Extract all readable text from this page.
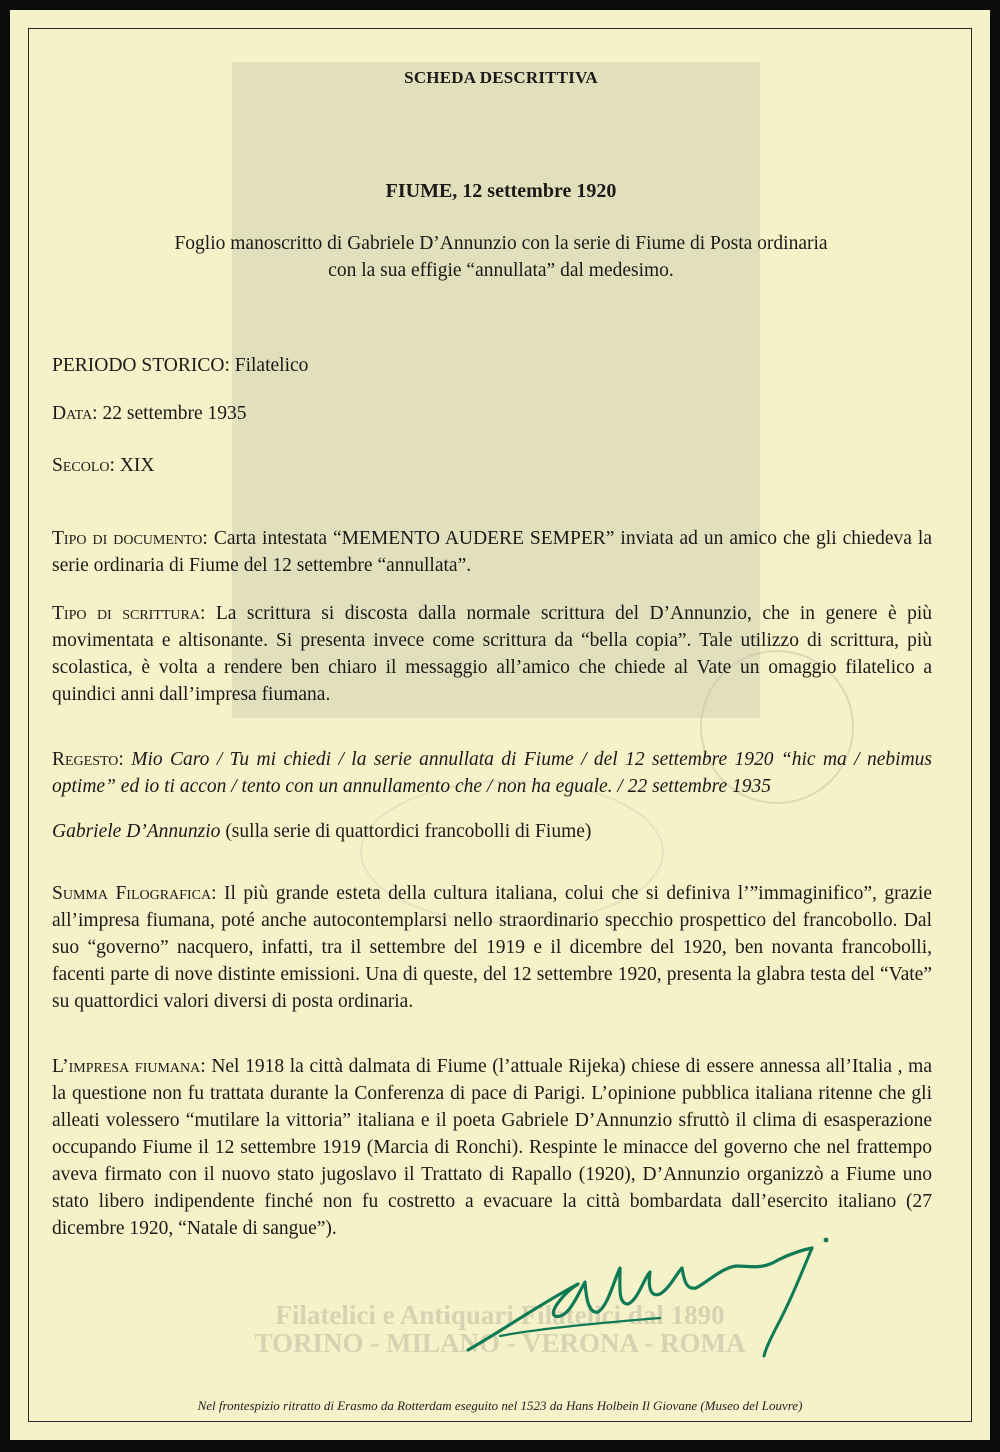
Filatelici e Antiquari Filatelici dal 1890
TORINO - MILANO - VERONA - ROMA
SCHEDA DESCRITTIVA
FIUME, 12 settembre 1920
Foglio manoscritto di Gabriele D’Annunzio con la serie di Fiume di Posta ordinaria
con la sua effigie “annullata” dal medesimo.
PERIODO STORICO: Filatelico
Data: 22 settembre 1935
Secolo: XIX
Tipo di documento: Carta intestata “MEMENTO AUDERE SEMPER” inviata ad un amico che gli chiedeva la serie ordinaria di Fiume del 12 settembre “annullata”.
Tipo di scrittura: La scrittura si discosta dalla normale scrittura del D’Annunzio, che in genere è più movimentata e altisonante. Si presenta invece come scrittura da “bella copia”. Tale utilizzo di scrittura, più scolastica, è volta a rendere ben chiaro il messaggio all’amico che chiede al Vate un omaggio filatelico a quindici anni dall’impresa fiumana.
Regesto: Mio Caro / Tu mi chiedi / la serie annullata di Fiume / del 12 settembre 1920 “hic ma / nebimus optime” ed io ti accon / tento con un annullamento che / non ha eguale. / 22 settembre 1935
Gabriele D’Annunzio (sulla serie di quattordici francobolli di Fiume)
Summa Filografica: Il più grande esteta della cultura italiana, colui che si definiva l’”immaginifico”, grazie all’impresa fiumana, poté anche autocontemplarsi nello straordinario specchio prospettico del francobollo. Dal suo “governo” nacquero, infatti, tra il settembre del 1919 e il dicembre del 1920, ben novanta francobolli, facenti parte di nove distinte emissioni. Una di queste, del 12 settembre 1920, presenta la glabra testa del “Vate” su quattordici valori diversi di posta ordinaria.
L’impresa fiumana: Nel 1918 la città dalmata di Fiume (l’attuale Rijeka) chiese di essere annessa all’Italia , ma la questione non fu trattata durante la Conferenza di pace di Parigi. L’opinione pubblica italiana ritenne che gli alleati volessero “mutilare la vittoria” italiana e il poeta Gabriele D’Annunzio sfruttò il clima di esasperazione occupando Fiume il 12 settembre 1919 (Marcia di Ronchi). Respinte le minacce del governo che nel frattempo aveva firmato con il nuovo stato jugoslavo il Trattato di Rapallo (1920), D’Annunzio organizzò a Fiume uno stato libero indipendente finché non fu costretto a evacuare la città bombardata dall’esercito italiano (27 dicembre 1920, “Natale di sangue”).
Nel frontespizio ritratto di Erasmo da Rotterdam eseguito nel 1523 da Hans Holbein Il Giovane (Museo del Louvre)
